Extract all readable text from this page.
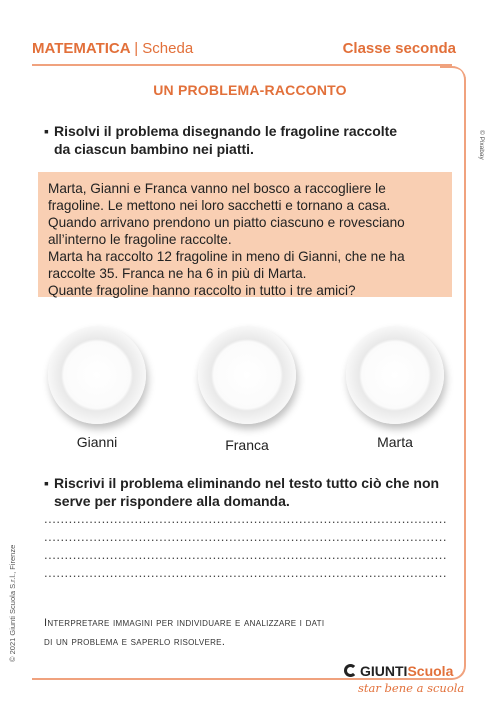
MATEMATICA | Scheda	Classe seconda
UN PROBLEMA-RACCONTO
▪ Risolvi il problema disegnando le fragoline raccolte
da ciascun bambino nei piatti.
Marta, Gianni e Franca vanno nel bosco a raccogliere le
fragoline. Le mettono nei loro sacchetti e tornano a casa.
Quando arrivano prendono un piatto ciascuno e rovesciano
all’interno le fragoline raccolte.
Marta ha raccolto 12 fragoline in meno di Gianni, che ne ha
raccolte 35. Franca ne ha 6 in più di Marta.
Quante fragoline hanno raccolto in tutto i tre amici?
Gianni	Franca	Marta
▪ Riscrivi il problema eliminando nel testo tutto ciò che non
serve per rispondere alla domanda.
..................................................................................................
..................................................................................................
..................................................................................................
..................................................................................................
Interpretare immagini per individuare e analizzare i dati
di un problema e saperlo risolvere.
© 2021 Giunti Scuola S.r.l., Firenze
© Pixabay
GIUNTIScuola
star bene a scuola
